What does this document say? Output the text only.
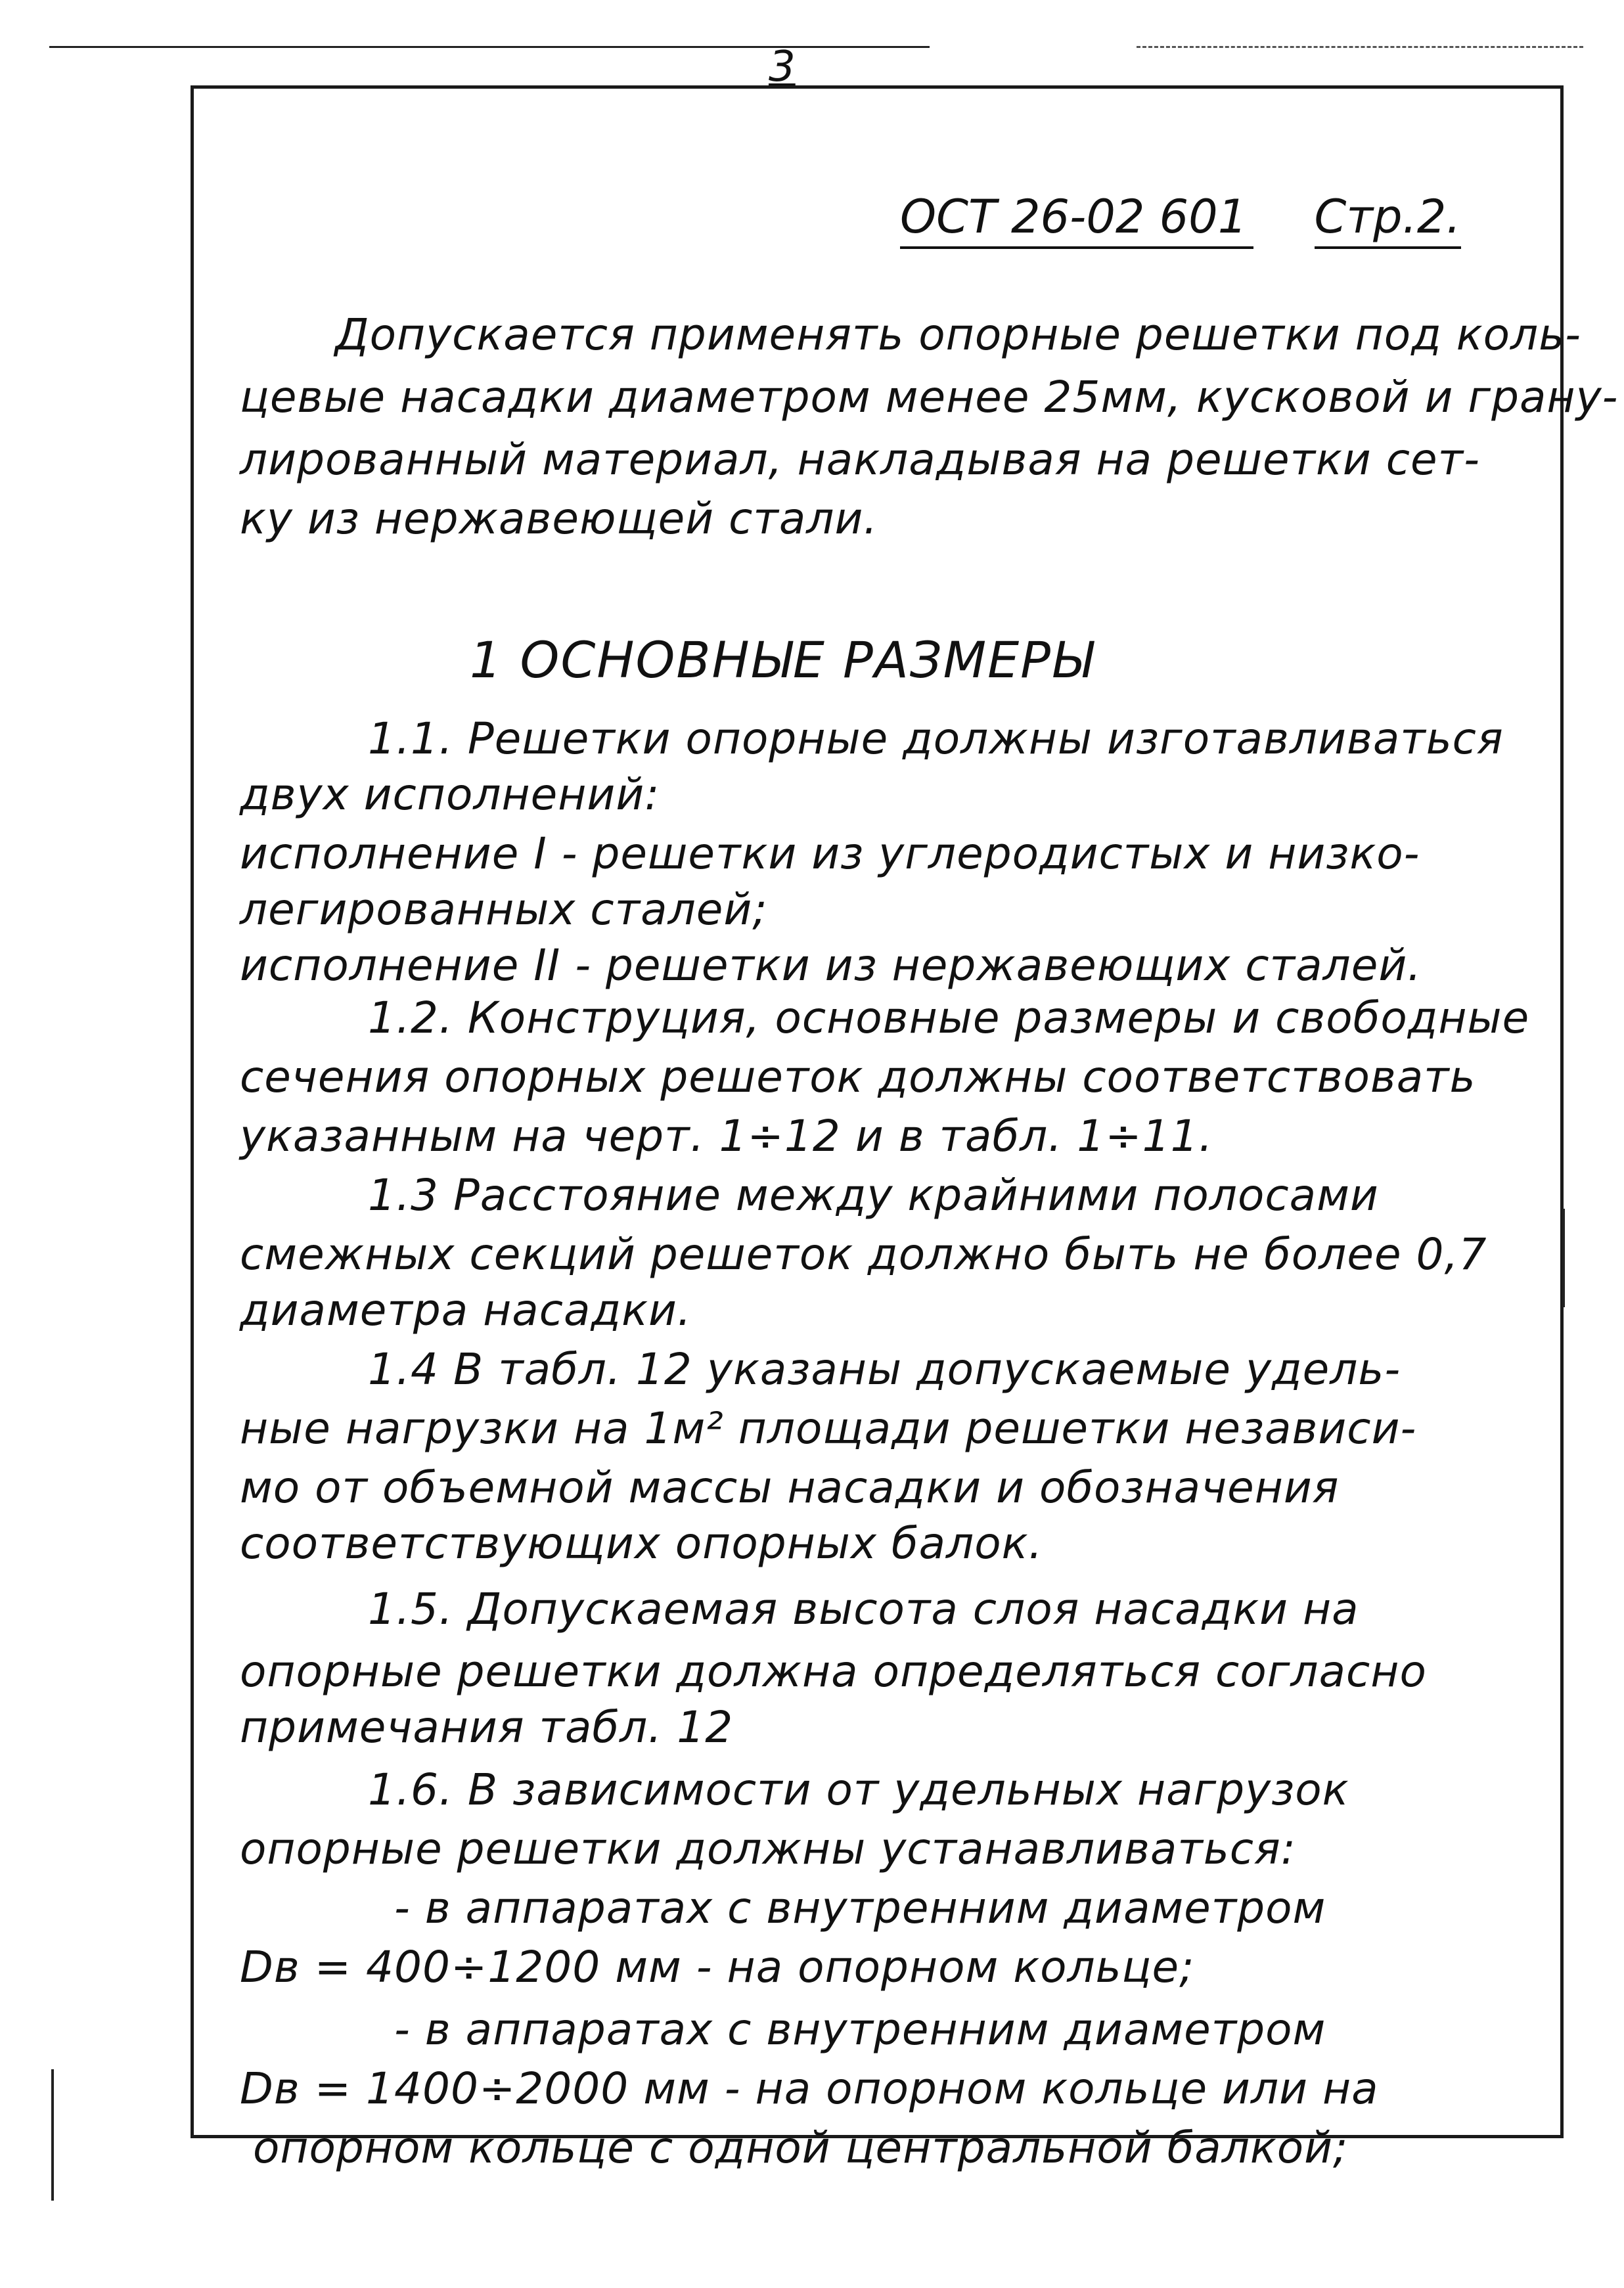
3
ОСТ 26-02 601 Стр.2.
Допускается применять опорные решетки под коль-
цевые насадки диаметром менее 25мм, кусковой и грану-
лированный материал, накладывая на решетки сет-
ку из нержавеющей стали.
1 ОСНОВНЫЕ РАЗМЕРЫ
1.1. Решетки опорные должны изготавливаться
двух исполнений:
исполнение I - решетки из углеродистых и низко-
легированных сталей;
исполнение II - решетки из нержавеющих сталей.
1.2. Конструция, основные размеры и свободные
сечения опорных решеток должны соответствовать
указанным на черт. 1÷12 и в табл. 1÷11.
1.3 Расстояние между крайними полосами
смежных секций решеток должно быть не более 0,7
диаметра насадки.
1.4 В табл. 12 указаны допускаемые удель-
ные нагрузки на 1м² площади решетки независи-
мо от объемной массы насадки и обозначения
соответствующих опорных балок.
1.5. Допускаемая высота слоя насадки на
опорные решетки должна определяться согласно
примечания табл. 12
1.6. В зависимости от удельных нагрузок
опорные решетки должны устанавливаться:
- в аппаратах с внутренним диаметром
Dв = 400÷1200 мм - на опорном кольце;
- в аппаратах с внутренним диаметром
Dв = 1400÷2000 мм - на опорном кольце или на
опорном кольце с одной центральной балкой;
